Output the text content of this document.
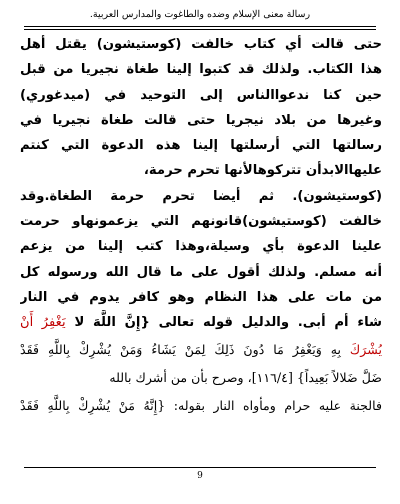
رسالة معنى الإسلام وضده والطاغوت والمدارس العربية.
حتى قالت أي كتاب خالفت (كوستيشون) يقتل أهل
هذا الكتاب. ولذلك قد كتبوا إلينا طغاة نجيريا من قبل
حين كنا ندعواالناس إلى التوحيد في (ميدغوري)
وغيرها من بلاد نيجريا حتى قالت طغاة نجيريا في
رسالتها التي أرسلتها إلينا هذه الدعوة التي كنتم
عليهاالابدأن تتركوهالأنها تحرم حرمة،
(كوستيشون). ثم أيضا تحرم حرمة الطغاة.وقد
خالفت (كوستيشون)قانونهم التي يزعمونهاو حرمت
علينا الدعوة بأي وسيلة،وهذا كتب إلينا من يزعم
أنه مسلم. ولذلك أقول على ما قال الله ورسوله كل
من مات على هذا النظام وهو كافر يدوم في النار
شاء أم أبى. والدليل قوله تعالى {إِنَّ اللَّهَ لا يَغْفِرُ أَنْ
يُشْرَكَ بِهِ وَيَغْفِرُ مَا دُونَ ذَلِكَ لِمَنْ يَشَاءُ وَمَنْ يُشْرِكْ بِاللَّهِ فَقَدْ
ضَلَّ ضَلالاً بَعِيداً} [١١٦/٤]، وصرح بأن من أشرك بالله
فالجنة عليه حرام ومأواه النار بقوله: {إِنَّهُ مَنْ يُشْرِكْ بِاللَّهِ فَقَدْ
9
